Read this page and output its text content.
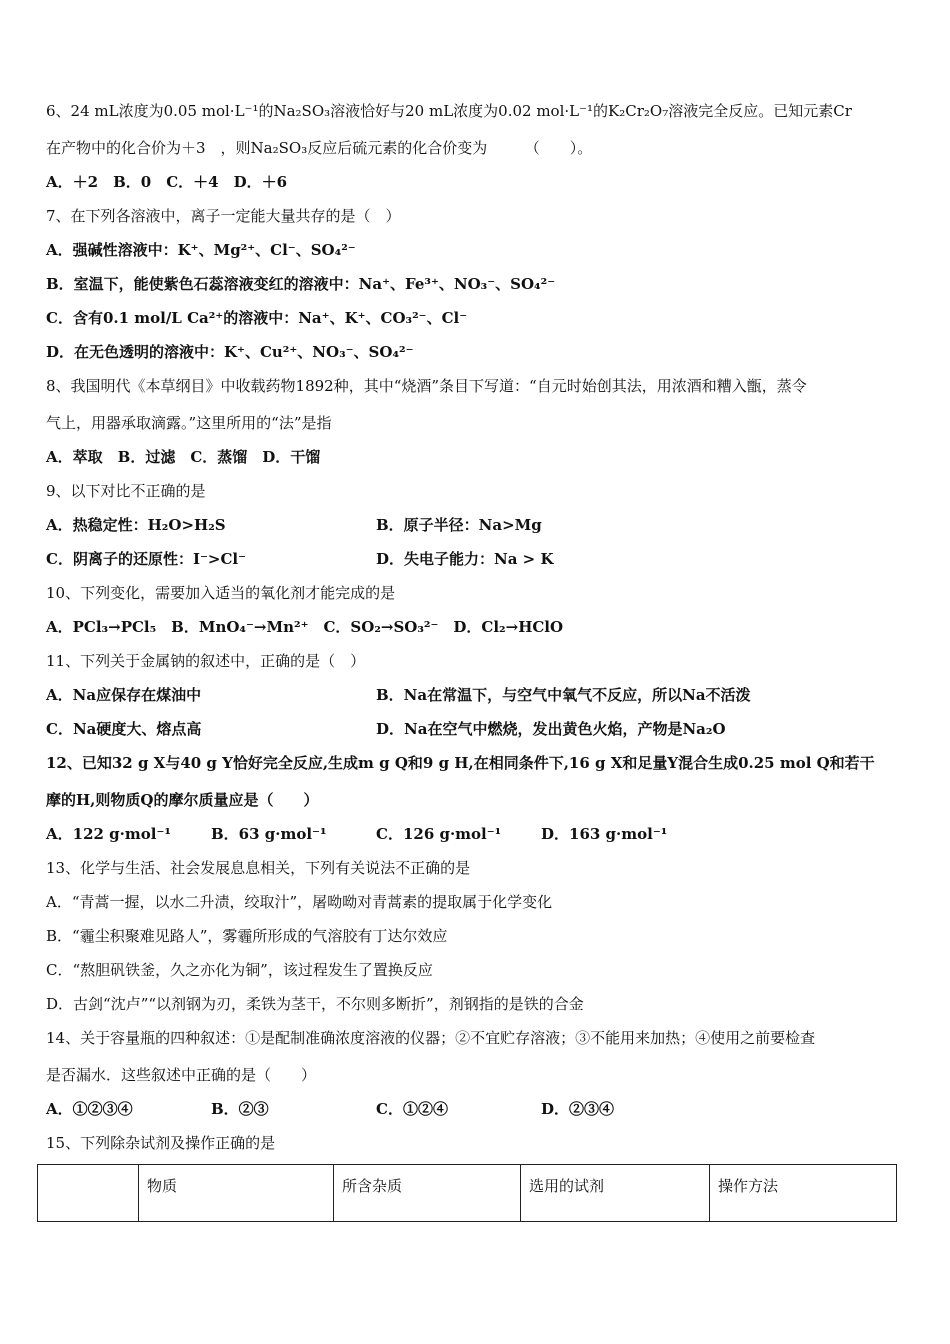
6、24 mL浓度为0.05 mol·L⁻¹的Na₂SO₃溶液恰好与20 mL浓度为0.02 mol·L⁻¹的K₂Cr₂O₇溶液完全反应。已知元素Cr
在产物中的化合价为＋3　，则Na₂SO₃反应后硫元素的化合价变为　　　（　　）。
A．＋2　B．0　C．＋4　D．＋6
7、在下列各溶液中，离子一定能大量共存的是（　）
A．强碱性溶液中：K⁺、Mg²⁺、Cl⁻、SO₄²⁻
B．室温下，能使紫色石蕊溶液变红的溶液中：Na⁺、Fe³⁺、NO₃⁻、SO₄²⁻
C．含有0.1 mol/L Ca²⁺的溶液中：Na⁺、K⁺、CO₃²⁻、Cl⁻
D．在无色透明的溶液中：K⁺、Cu²⁺、NO₃⁻、SO₄²⁻
8、我国明代《本草纲目》中收载药物1892种，其中“烧酒”条目下写道：“自元时始创其法，用浓酒和糟入甑，蒸令
气上，用器承取滴露。”这里所用的“法”是指
A．萃取　B．过滤　C．蒸馏　D．干馏
9、以下对比不正确的是
A．热稳定性：H₂O>H₂S	B．原子半径：Na>Mg
C．阴离子的还原性：I⁻>Cl⁻	D．失电子能力：Na > K
10、下列变化，需要加入适当的氧化剂才能完成的是
A．PCl₃→PCl₅　B．MnO₄⁻→Mn²⁺　C．SO₂→SO₃²⁻　D．Cl₂→HClO
11、下列关于金属钠的叙述中，正确的是（　）
A．Na应保存在煤油中	B．Na在常温下，与空气中氧气不反应，所以Na不活泼
C．Na硬度大、熔点高	D．Na在空气中燃烧，发出黄色火焰，产物是Na₂O
12、已知32 g X与40 g Y恰好完全反应,生成m g Q和9 g H,在相同条件下,16 g X和足量Y混合生成0.25 mol Q和若干
摩的H,则物质Q的摩尔质量应是（　　）
A．122 g·mol⁻¹	B．63 g·mol⁻¹	C．126 g·mol⁻¹	D．163 g·mol⁻¹
13、化学与生活、社会发展息息相关，下列有关说法不正确的是
A．“青蒿一握，以水二升渍，绞取汁”，屠呦呦对青蒿素的提取属于化学变化
B．“霾尘积聚难见路人”，雾霾所形成的气溶胶有丁达尔效应
C．“熬胆矾铁釜，久之亦化为铜”，该过程发生了置换反应
D．古剑“沈卢”“以剂钢为刃，柔铁为茎干，不尔则多断折”，剂钢指的是铁的合金
14、关于容量瓶的四种叙述：①是配制准确浓度溶液的仪器；②不宜贮存溶液；③不能用来加热；④使用之前要检查
是否漏水．这些叙述中正确的是（　　）
A．①②③④	B．②③	C．①②④	D．②③④
15、下列除杂试剂及操作正确的是
	物质	所含杂质	选用的试剂	操作方法
